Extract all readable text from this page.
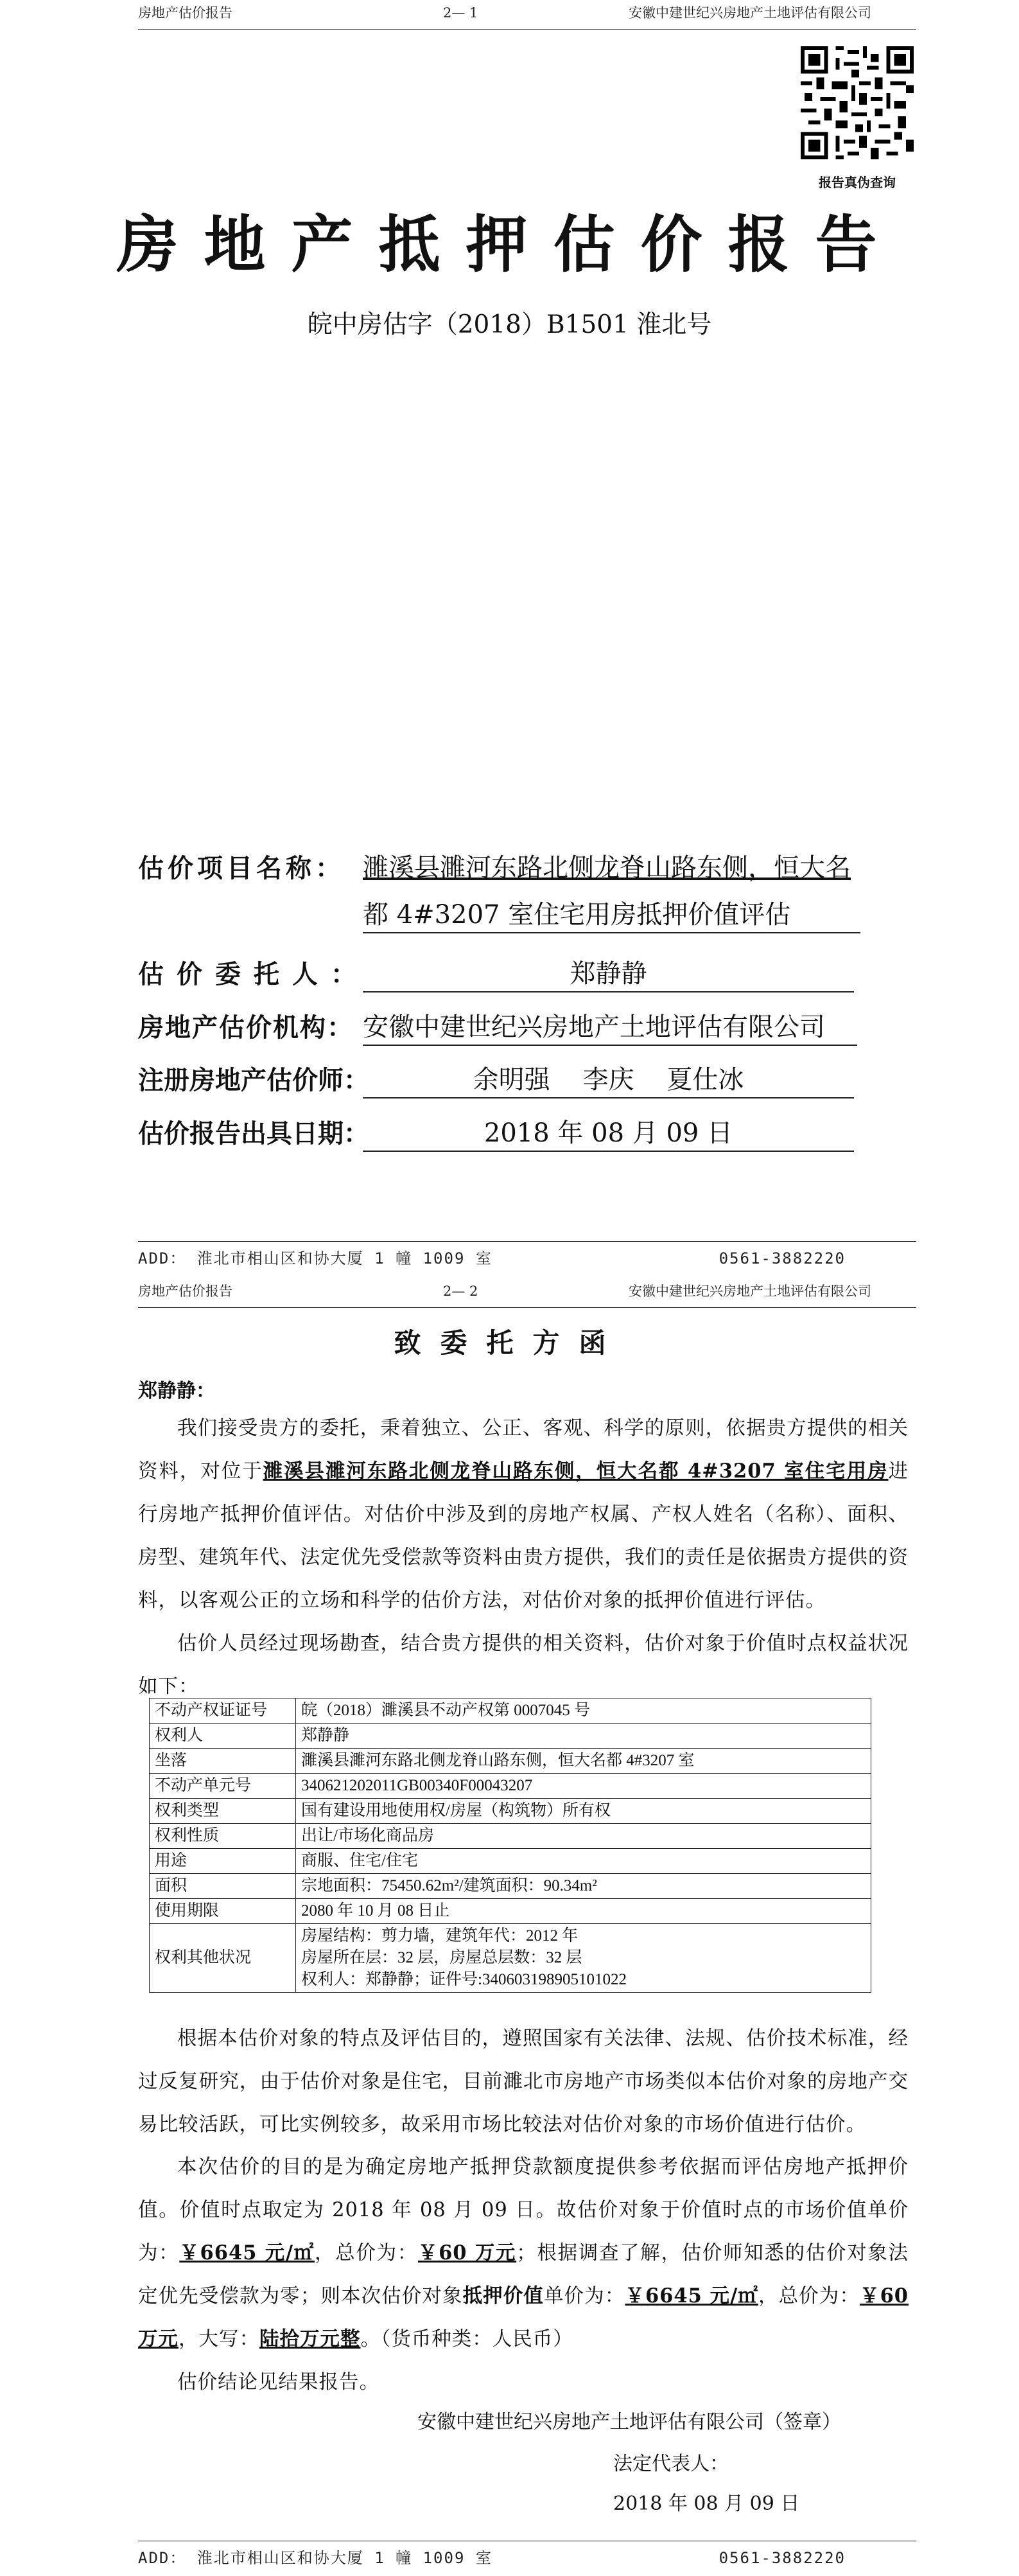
房地产估价报告	2— 1	安徽中建世纪兴房地产土地评估有限公司
报告真伪查询
房地产抵押估价报告
皖中房估字（2018）B1501 淮北号
估价项目名称： 濉溪县濉河东路北侧龙脊山路东侧，恒大名
都 4#3207 室住宅用房抵押价值评估
估价委托人：	郑静静
房地产估价机构： 安徽中建世纪兴房地产土地评估有限公司
注册房地产估价师：	余明强    李庆    夏仕冰
估价报告出具日期：	2018 年 08 月 09 日
ADD： 淮北市相山区和协大厦 1 幢 1009 室	0561-3882220
房地产估价报告	2— 2	安徽中建世纪兴房地产土地评估有限公司
致委托方函
郑静静：
我们接受贵方的委托，秉着独立、公正、客观、科学的原则，依据贵方提供的相关资料，对位于濉溪县濉河东路北侧龙脊山路东侧，恒大名都 4#3207 室住宅用房进行房地产抵押价值评估。对估价中涉及到的房地产权属、产权人姓名（名称）、面积、房型、建筑年代、法定优先受偿款等资料由贵方提供，我们的责任是依据贵方提供的资料，以客观公正的立场和科学的估价方法，对估价对象的抵押价值进行评估。
估价人员经过现场勘查，结合贵方提供的相关资料，估价对象于价值时点权益状况如下：
不动产权证证号	皖（2018）濉溪县不动产权第 0007045 号
权利人	郑静静
坐落	濉溪县濉河东路北侧龙脊山路东侧，恒大名都 4#3207 室
不动产单元号	340621202011GB00340F00043207
权利类型	国有建设用地使用权/房屋（构筑物）所有权
权利性质	出让/市场化商品房
用途	商服、住宅/住宅
面积	宗地面积：75450.62m²/建筑面积：90.34m²
使用期限	2080 年 10 月 08 日止
权利其他状况	房屋结构：剪力墙，建筑年代：2012 年
房屋所在层：32 层，房屋总层数：32 层
权利人：郑静静；证件号:340603198905101022
根据本估价对象的特点及评估目的，遵照国家有关法律、法规、估价技术标准，经过反复研究，由于估价对象是住宅，目前濉北市房地产市场类似本估价对象的房地产交易比较活跃，可比实例较多，故采用市场比较法对估价对象的市场价值进行估价。
本次估价的目的是为确定房地产抵押贷款额度提供参考依据而评估房地产抵押价值。价值时点取定为 2018 年 08 月 09 日。故估价对象于价值时点的市场价值单价为：￥6645 元/㎡，总价为：￥60 万元；根据调查了解，估价师知悉的估价对象法定优先受偿款为零；则本次估价对象抵押价值单价为：￥6645 元/㎡，总价为：￥60 万元，大写：陆拾万元整。（货币种类：人民币）
估价结论见结果报告。
安徽中建世纪兴房地产土地评估有限公司（签章）
法定代表人：
2018 年 08 月 09 日
ADD： 淮北市相山区和协大厦 1 幢 1009 室	0561-3882220
